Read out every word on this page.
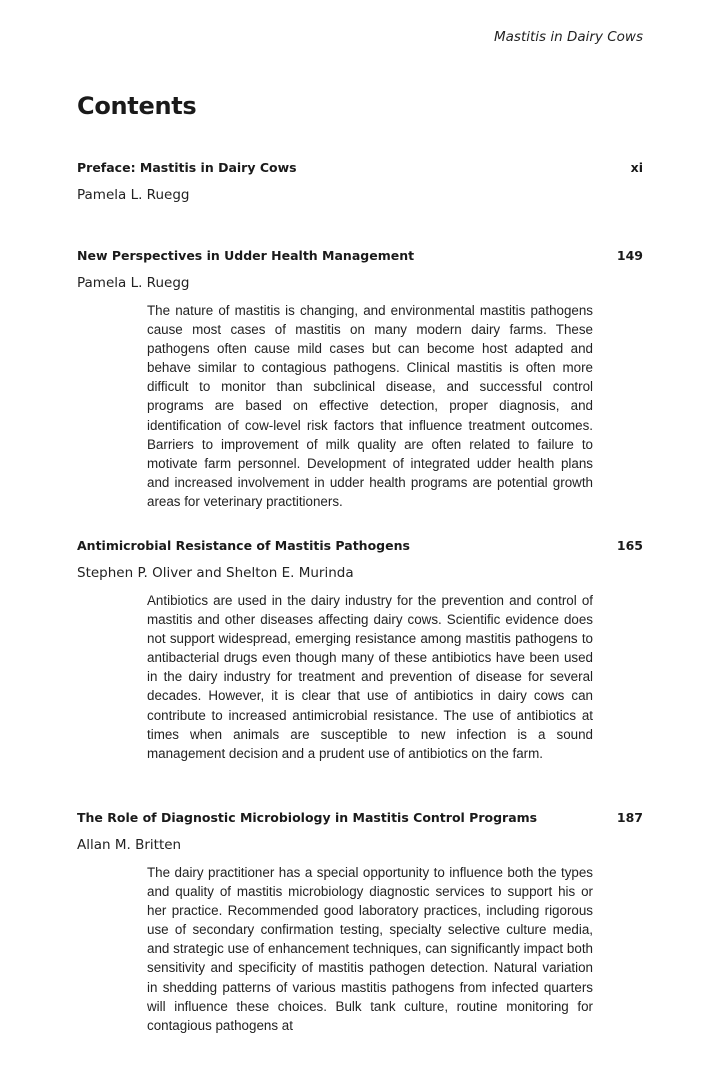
Mastitis in Dairy Cows
Contents
Preface: Mastitis in Dairy Cows	xi
Pamela L. Ruegg
New Perspectives in Udder Health Management	149
Pamela L. Ruegg
The nature of mastitis is changing, and environmental mastitis pathogens cause most cases of mastitis on many modern dairy farms. These pathogens often cause mild cases but can become host adapted and behave similar to contagious pathogens. Clinical mastitis is often more difficult to monitor than subclinical disease, and successful control programs are based on effective detection, proper diagnosis, and identification of cow-level risk factors that influence treatment outcomes. Barriers to improvement of milk quality are often related to failure to motivate farm personnel. Development of integrated udder health plans and increased involvement in udder health programs are potential growth areas for veterinary practitioners.
Antimicrobial Resistance of Mastitis Pathogens	165
Stephen P. Oliver and Shelton E. Murinda
Antibiotics are used in the dairy industry for the prevention and control of mastitis and other diseases affecting dairy cows. Scientific evidence does not support widespread, emerging resistance among mastitis pathogens to antibacterial drugs even though many of these antibiotics have been used in the dairy industry for treatment and prevention of disease for several decades. However, it is clear that use of antibiotics in dairy cows can contribute to increased antimicrobial resistance. The use of antibiotics at times when animals are susceptible to new infection is a sound management decision and a prudent use of antibiotics on the farm.
The Role of Diagnostic Microbiology in Mastitis Control Programs	187
Allan M. Britten
The dairy practitioner has a special opportunity to influence both the types and quality of mastitis microbiology diagnostic services to support his or her practice. Recommended good laboratory practices, including rigorous use of secondary confirmation testing, specialty selective culture media, and strategic use of enhancement techniques, can significantly impact both sensitivity and specificity of mastitis pathogen detection. Natural variation in shedding patterns of various mastitis pathogens from infected quarters will influence these choices. Bulk tank culture, routine monitoring for contagious pathogens at
